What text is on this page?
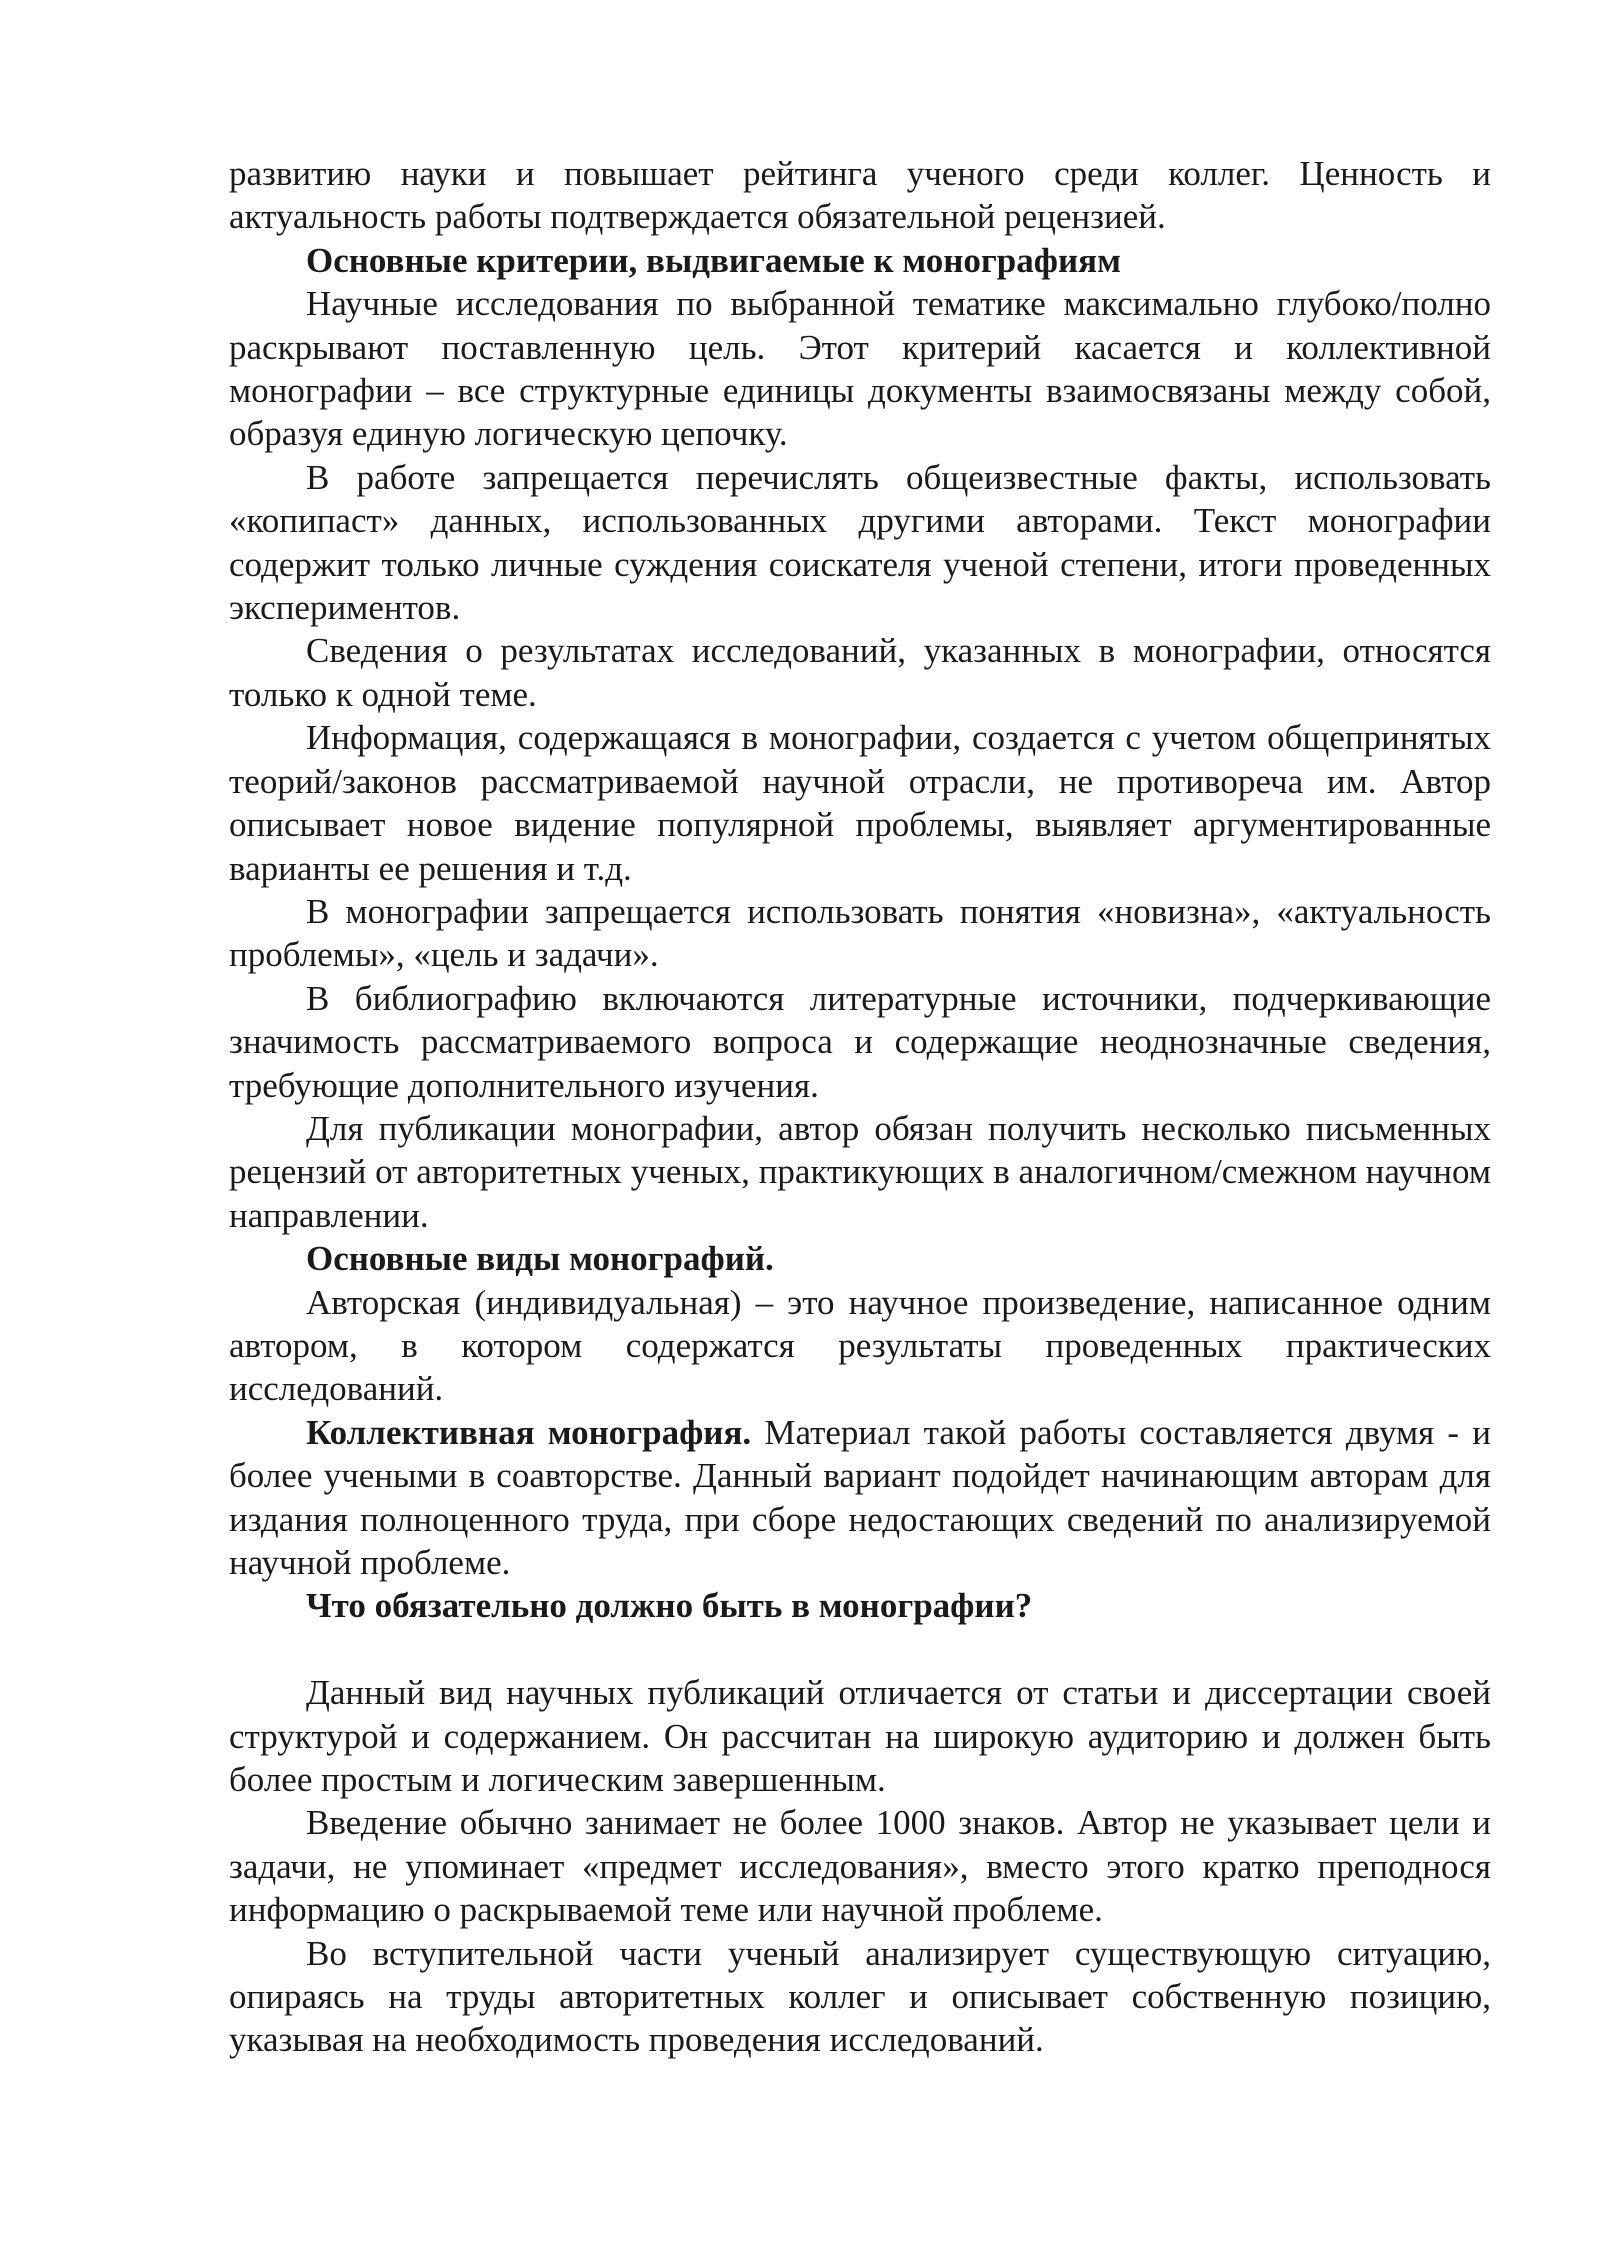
развитию науки и повышает рейтинга ученого среди коллег. Ценность и актуальность работы подтверждается обязательной рецензией.

Основные критерии, выдвигаемые к монографиям

Научные исследования по выбранной тематике максимально глубоко/полно раскрывают поставленную цель. Этот критерий касается и коллективной монографии – все структурные единицы документы взаимосвязаны между собой, образуя единую логическую цепочку.

В работе запрещается перечислять общеизвестные факты, использовать «копипаст» данных, использованных другими авторами. Текст монографии содержит только личные суждения соискателя ученой степени, итоги проведенных экспериментов.

Сведения о результатах исследований, указанных в монографии, относятся только к одной теме.

Информация, содержащаяся в монографии, создается с учетом общепринятых теорий/законов рассматриваемой научной отрасли, не противореча им. Автор описывает новое видение популярной проблемы, выявляет аргументированные варианты ее решения и т.д.

В монографии запрещается использовать понятия «новизна», «актуальность проблемы», «цель и задачи».

В библиографию включаются литературные источники, подчеркивающие значимость рассматриваемого вопроса и содержащие неоднозначные сведения, требующие дополнительного изучения.

Для публикации монографии, автор обязан получить несколько письменных рецензий от авторитетных ученых, практикующих в аналогичном/смежном научном направлении.

Основные виды монографий.

Авторская (индивидуальная) – это научное произведение, написанное одним автором, в котором содержатся результаты проведенных практических исследований.

Коллективная монография. Материал такой работы составляется двумя - и более учеными в соавторстве. Данный вариант подойдет начинающим авторам для издания полноценного труда, при сборе недостающих сведений по анализируемой научной проблеме.

Что обязательно должно быть в монографии?

Данный вид научных публикаций отличается от статьи и диссертации своей структурой и содержанием. Он рассчитан на широкую аудиторию и должен быть более простым и логическим завершенным.

Введение обычно занимает не более 1000 знаков. Автор не указывает цели и задачи, не упоминает «предмет исследования», вместо этого кратко преподнося информацию о раскрываемой теме или научной проблеме.

Во вступительной части ученый анализирует существующую ситуацию, опираясь на труды авторитетных коллег и описывает собственную позицию, указывая на необходимость проведения исследований.
